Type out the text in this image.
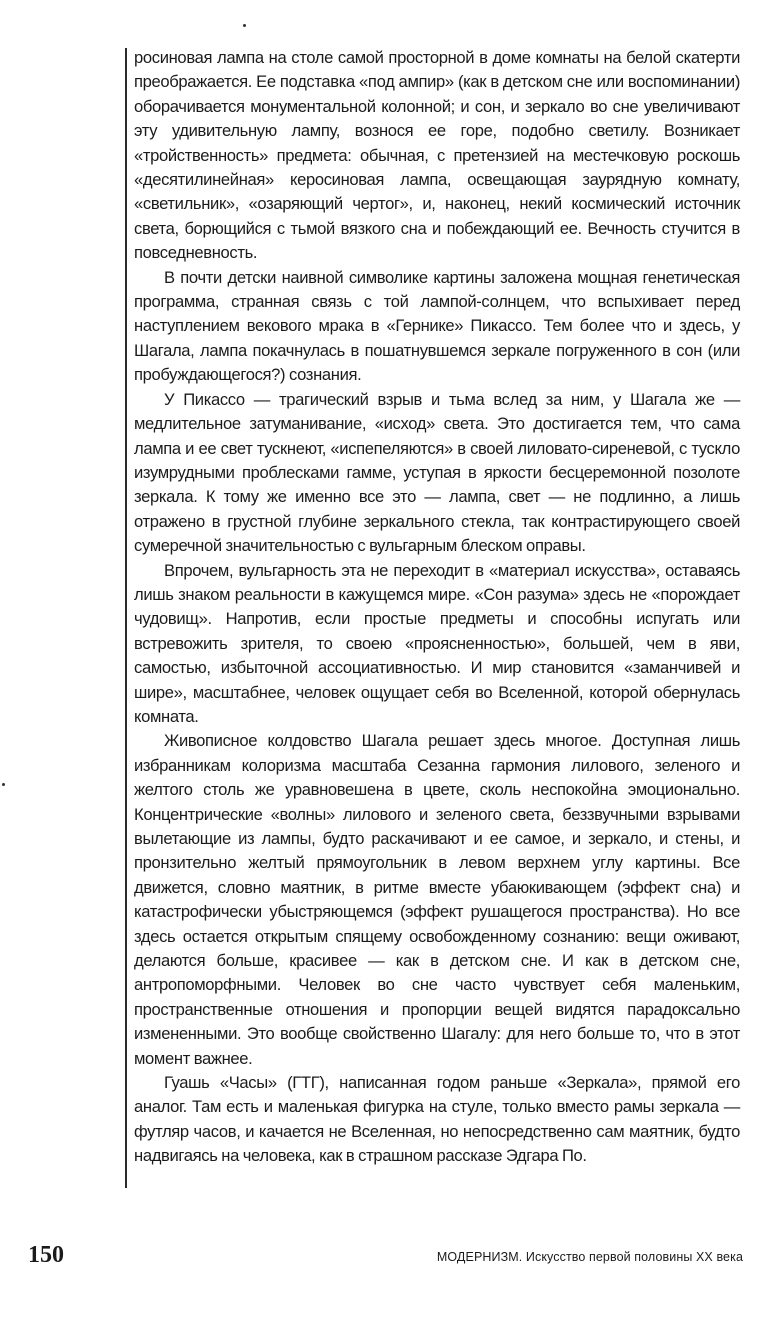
росиновая лампа на столе самой просторной в доме комнаты на белой скатерти преображается. Ее подставка «под ампир» (как в детском сне или воспоминании) оборачивается монументальной колонной; и сон, и зеркало во сне увеличивают эту удивительную лампу, вознося ее горе, подобно светилу. Возникает «тройственность» предмета: обычная, с претензией на местечковую роскошь «десятилинейная» керосиновая лампа, освещающая заурядную комнату, «светильник», «озаряющий чертог», и, наконец, некий космический источник света, борющийся с тьмой вязкого сна и побеждающий ее. Вечность стучится в повседневность.

В почти детски наивной символике картины заложена мощная генетическая программа, странная связь с той лампой-солнцем, что вспыхивает перед наступлением векового мрака в «Гернике» Пикассо. Тем более что и здесь, у Шагала, лампа покачнулась в пошатнувшемся зеркале погруженного в сон (или пробуждающегося?) сознания.

У Пикассо — трагический взрыв и тьма вслед за ним, у Шагала же — медлительное затуманивание, «исход» света. Это достигается тем, что сама лампа и ее свет тускнеют, «испепеляются» в своей лиловато-сиреневой, с тускло изумрудными проблесками гамме, уступая в яркости бесцеремонной позолоте зеркала. К тому же именно все это — лампа, свет — не подлинно, а лишь отражено в грустной глубине зеркального стекла, так контрастирующего своей сумеречной значительностью с вульгарным блеском оправы.

Впрочем, вульгарность эта не переходит в «материал искусства», оставаясь лишь знаком реальности в кажущемся мире. «Сон разума» здесь не «порождает чудовищ». Напротив, если простые предметы и способны испугать или встревожить зрителя, то своею «проясненностью», большей, чем в яви, самостью, избыточной ассоциативностью. И мир становится «заманчивей и шире», масштабнее, человек ощущает себя во Вселенной, которой обернулась комната.

Живописное колдовство Шагала решает здесь многое. Доступная лишь избранникам колоризма масштаба Сезанна гармония лилового, зеленого и желтого столь же уравновешена в цвете, сколь неспокойна эмоционально. Концентрические «волны» лилового и зеленого света, беззвучными взрывами вылетающие из лампы, будто раскачивают и ее самое, и зеркало, и стены, и пронзительно желтый прямоугольник в левом верхнем углу картины. Все движется, словно маятник, в ритме вместе убаюкивающем (эффект сна) и катастрофически убыстряющемся (эффект рушащегося пространства). Но все здесь остается открытым спящему освобожденному сознанию: вещи оживают, делаются больше, красивее — как в детском сне. И как в детском сне, антропоморфными. Человек во сне часто чувствует себя маленьким, пространственные отношения и пропорции вещей видятся парадоксально измененными. Это вообще свойственно Шагалу: для него больше то, что в этот момент важнее.

Гуашь «Часы» (ГТГ), написанная годом раньше «Зеркала», прямой его аналог. Там есть и маленькая фигурка на стуле, только вместо рамы зеркала — футляр часов, и качается не Вселенная, но непосредственно сам маятник, будто надвигаясь на человека, как в страшном рассказе Эдгара По.

150	МОДЕРНИЗМ. Искусство первой половины XX века
